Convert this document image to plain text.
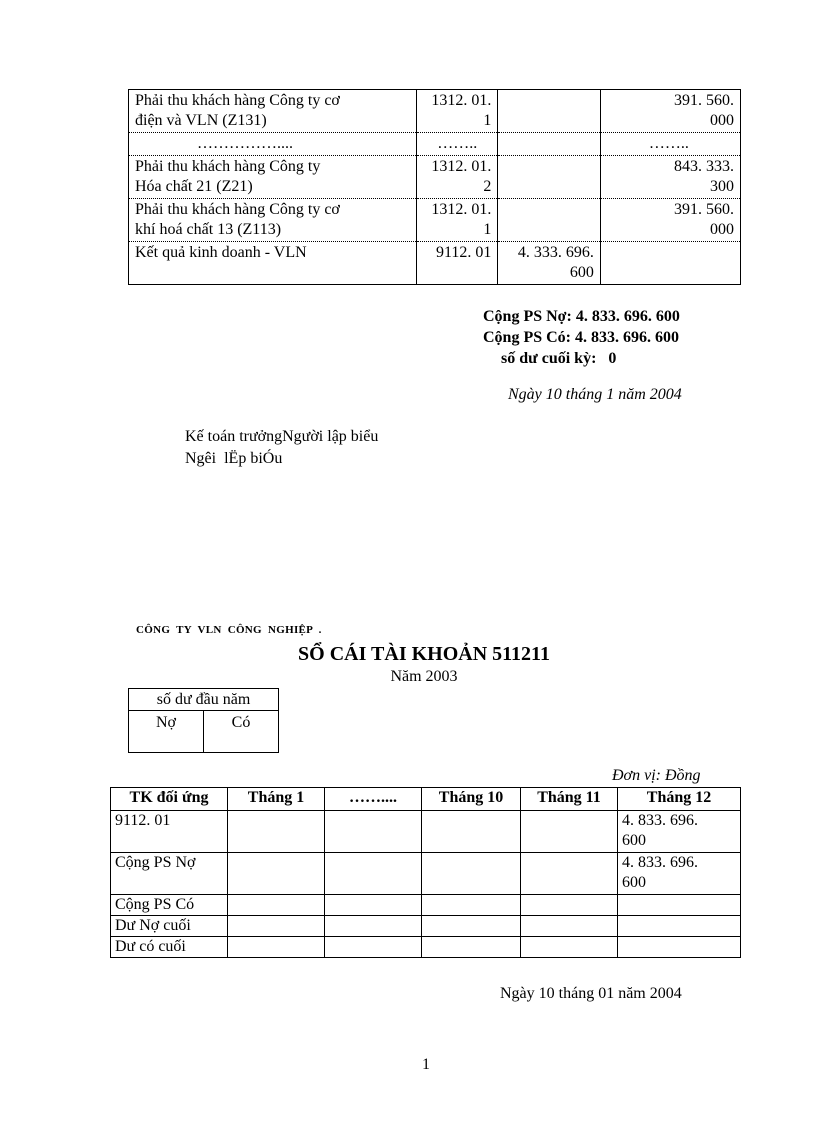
Phải thu khách hàng Công ty cơ
điện và VLN (Z131)	1312. 01.
1		391. 560.
000

……………....	……..		……..
Phải thu khách hàng Công ty
Hóa chất 21 (Z21)	1312. 01.
2		843. 333.
300

Phải thu khách hàng Công ty cơ
khí hoá chất 13 (Z113)	1312. 01.
1		391. 560.
000

Kết quả kinh doanh - VLN	9112. 01	4. 333. 696.
600	

Cộng PS Nợ: 4. 833. 696. 600
Cộng PS Có: 4. 833. 696. 600
số dư cuối kỳ:   0
Ngày 10 tháng 1 năm 2004
Kế toán trưởngNgười lập biểu
Ngêi  lËp biÓu
CÔNG  TY  VLN  CÔNG  NGHIỆP  .
SỔ CÁI TÀI KHOẢN 511211
Năm 2003
số dư đầu năm
Nợ	Có
Đơn vị: Đồng
TK đối ứng	Tháng 1	……....	Tháng 10	Tháng 11	Tháng 12
9112. 01					4. 833. 696.
600

Cộng PS Nợ					4. 833. 696.
600

Cộng PS Có					
Dư Nợ cuối					
Dư có cuối					
Ngày 10 tháng 01 năm 2004
1
